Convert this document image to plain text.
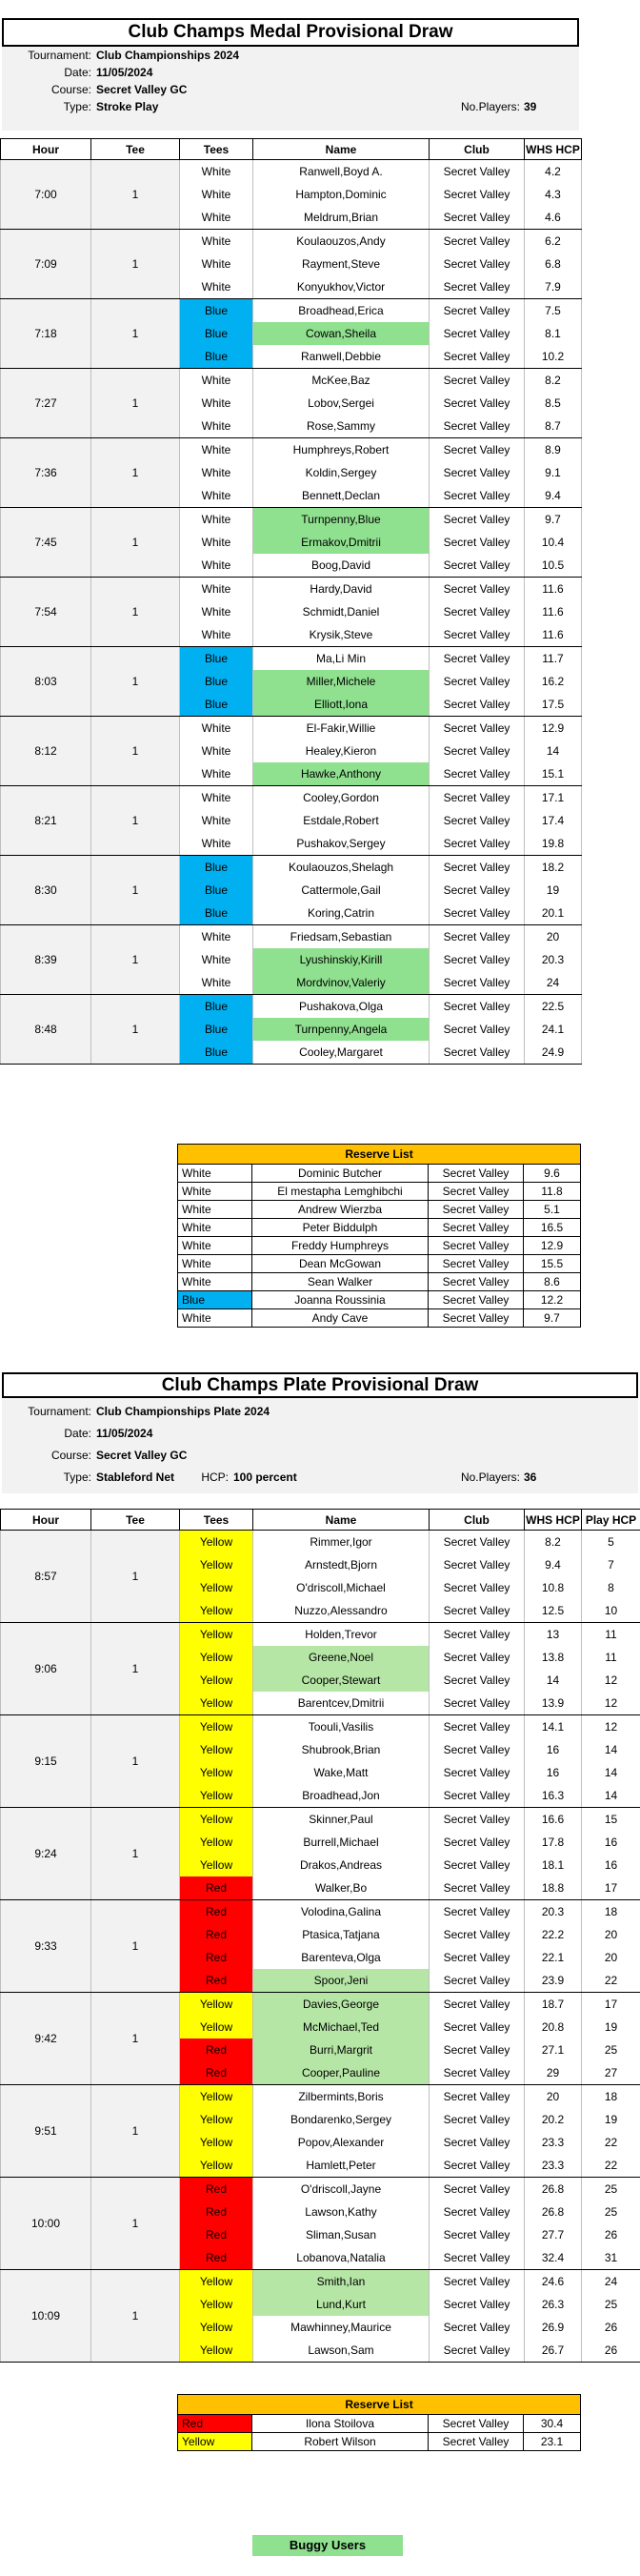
Club Champs Medal Provisional Draw
Tournament: Club Championships 2024
Date: 11/05/2024
Course: Secret Valley GC
Type: Stroke Play	No.Players: 39
Hour	Tee	Tees	Name	Club	WHS HCP
7:00	1	White	Ranwell,Boyd A.	Secret Valley	4.2
		White	Hampton,Dominic	Secret Valley	4.3
		White	Meldrum,Brian	Secret Valley	4.6
7:09	1	White	Koulaouzos,Andy	Secret Valley	6.2
		White	Rayment,Steve	Secret Valley	6.8
		White	Konyukhov,Victor	Secret Valley	7.9
7:18	1	Blue	Broadhead,Erica	Secret Valley	7.5
		Blue	Cowan,Sheila	Secret Valley	8.1
		Blue	Ranwell,Debbie	Secret Valley	10.2
7:27	1	White	McKee,Baz	Secret Valley	8.2
		White	Lobov,Sergei	Secret Valley	8.5
		White	Rose,Sammy	Secret Valley	8.7
7:36	1	White	Humphreys,Robert	Secret Valley	8.9
		White	Koldin,Sergey	Secret Valley	9.1
		White	Bennett,Declan	Secret Valley	9.4
7:45	1	White	Turnpenny,Blue	Secret Valley	9.7
		White	Ermakov,Dmitrii	Secret Valley	10.4
		White	Boog,David	Secret Valley	10.5
7:54	1	White	Hardy,David	Secret Valley	11.6
		White	Schmidt,Daniel	Secret Valley	11.6
		White	Krysik,Steve	Secret Valley	11.6
8:03	1	Blue	Ma,Li Min	Secret Valley	11.7
		Blue	Miller,Michele	Secret Valley	16.2
		Blue	Elliott,Iona	Secret Valley	17.5
8:12	1	White	El-Fakir,Willie	Secret Valley	12.9
		White	Healey,Kieron	Secret Valley	14
		White	Hawke,Anthony	Secret Valley	15.1
8:21	1	White	Cooley,Gordon	Secret Valley	17.1
		White	Estdale,Robert	Secret Valley	17.4
		White	Pushakov,Sergey	Secret Valley	19.8
8:30	1	Blue	Koulaouzos,Shelagh	Secret Valley	18.2
		Blue	Cattermole,Gail	Secret Valley	19
		Blue	Koring,Catrin	Secret Valley	20.1
8:39	1	White	Friedsam,Sebastian	Secret Valley	20
		White	Lyushinskiy,Kirill	Secret Valley	20.3
		White	Mordvinov,Valeriy	Secret Valley	24
8:48	1	Blue	Pushakova,Olga	Secret Valley	22.5
		Blue	Turnpenny,Angela	Secret Valley	24.1
		Blue	Cooley,Margaret	Secret Valley	24.9
Reserve List			
White	Dominic Butcher	Secret Valley	9.6
White	El mestapha Lemghibchi	Secret Valley	11.8
White	Andrew Wierzba	Secret Valley	5.1
White	Peter Biddulph	Secret Valley	16.5
White	Freddy Humphreys	Secret Valley	12.9
White	Dean McGowan	Secret Valley	15.5
White	Sean Walker	Secret Valley	8.6
Blue	Joanna Roussinia	Secret Valley	12.2
White	Andy Cave	Secret Valley	9.7
Club Champs Plate Provisional Draw
Tournament: Club Championships Plate 2024
Date: 11/05/2024
Course: Secret Valley GC
Type: Stableford Net	HCP: 100 percent	No.Players: 36
Hour	Tee	Tees	Name	Club	WHS HCP	Play HCP
8:57	1	Yellow	Rimmer,Igor	Secret Valley	8.2	5
		Yellow	Arnstedt,Bjorn	Secret Valley	9.4	7
		Yellow	O'driscoll,Michael	Secret Valley	10.8	8
		Yellow	Nuzzo,Alessandro	Secret Valley	12.5	10
9:06	1	Yellow	Holden,Trevor	Secret Valley	13	11
		Yellow	Greene,Noel	Secret Valley	13.8	11
		Yellow	Cooper,Stewart	Secret Valley	14	12
		Yellow	Barentcev,Dmitrii	Secret Valley	13.9	12
9:15	1	Yellow	Toouli,Vasilis	Secret Valley	14.1	12
		Yellow	Shubrook,Brian	Secret Valley	16	14
		Yellow	Wake,Matt	Secret Valley	16	14
		Yellow	Broadhead,Jon	Secret Valley	16.3	14
9:24	1	Yellow	Skinner,Paul	Secret Valley	16.6	15
		Yellow	Burrell,Michael	Secret Valley	17.8	16
		Yellow	Drakos,Andreas	Secret Valley	18.1	16
		Red	Walker,Bo	Secret Valley	18.8	17
9:33	1	Red	Volodina,Galina	Secret Valley	20.3	18
		Red	Ptasica,Tatjana	Secret Valley	22.2	20
		Red	Barenteva,Olga	Secret Valley	22.1	20
		Red	Spoor,Jeni	Secret Valley	23.9	22
9:42	1	Yellow	Davies,George	Secret Valley	18.7	17
		Yellow	McMichael,Ted	Secret Valley	20.8	19
		Red	Burri,Margrit	Secret Valley	27.1	25
		Red	Cooper,Pauline	Secret Valley	29	27
9:51	1	Yellow	Zilbermints,Boris	Secret Valley	20	18
		Yellow	Bondarenko,Sergey	Secret Valley	20.2	19
		Yellow	Popov,Alexander	Secret Valley	23.3	22
		Yellow	Hamlett,Peter	Secret Valley	23.3	22
10:00	1	Red	O'driscoll,Jayne	Secret Valley	26.8	25
		Red	Lawson,Kathy	Secret Valley	26.8	25
		Red	Sliman,Susan	Secret Valley	27.7	26
		Red	Lobanova,Natalia	Secret Valley	32.4	31
10:09	1	Yellow	Smith,Ian	Secret Valley	24.6	24
		Yellow	Lund,Kurt	Secret Valley	26.3	25
		Yellow	Mawhinney,Maurice	Secret Valley	26.9	26
		Yellow	Lawson,Sam	Secret Valley	26.7	26
Reserve List			
Red	Ilona Stoilova	Secret Valley	30.4
Yellow	Robert Wilson	Secret Valley	23.1
Buggy Users
